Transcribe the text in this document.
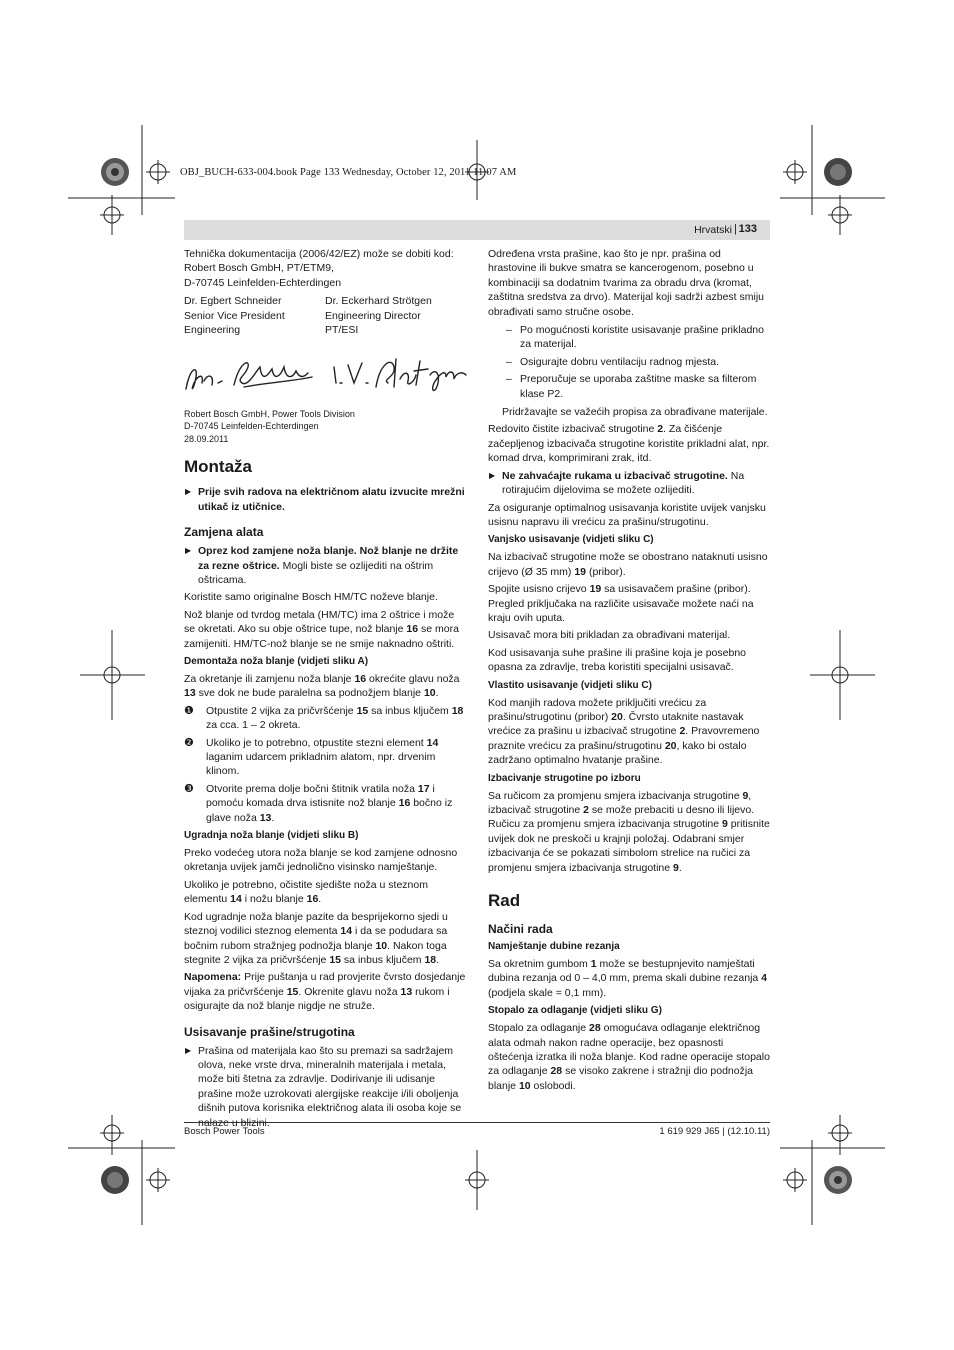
OBJ_BUCH-633-004.book Page 133 Wednesday, October 12, 2011 11:07 AM
Hrvatski | 133

Tehnička dokumentacija (2006/42/EZ) može se dobiti kod:
Robert Bosch GmbH, PT/ETM9,
D-70745 Leinfelden-Echterdingen

Dr. Egbert Schneider
Senior Vice President
Engineering
Dr. Eckerhard Strötgen
Engineering Director
PT/ESI

Robert Bosch GmbH, Power Tools Division
D-70745 Leinfelden-Echterdingen
28.09.2011

Montaža

▶ Prije svih radova na električnom alatu izvucite mrežni utikač iz utičnice.

Zamjena alata

▶ Oprez kod zamjene noža blanje. Nož blanje ne držite za rezne oštrice. Mogli biste se ozlijediti na oštrim oštricama.

Koristite samo originalne Bosch HM/TC noževe blanje.

Nož blanje od tvrdog metala (HM/TC) ima 2 oštrice i može se okretati. Ako su obje oštrice tupe, nož blanje 16 se mora zamijeniti. HM/TC-nož blanje se ne smije naknadno oštriti.

Demontaža noža blanje (vidjeti sliku A)

Za okretanje ili zamjenu noža blanje 16 okrećite glavu noža 13 sve dok ne bude paralelna sa podnožjem blanje 10.

❶ Otpustite 2 vijka za pričvršćenje 15 sa inbus ključem 18 za cca. 1 – 2 okreta.

❷ Ukoliko je to potrebno, otpustite stezni element 14 laganim udarcem prikladnim alatom, npr. drvenim klinom.

❸ Otvorite prema dolje bočni štitnik vratila noža 17 i pomoću komada drva istisnite nož blanje 16 bočno iz glave noža 13.

Ugradnja noža blanje (vidjeti sliku B)

Preko vodećeg utora noža blanje se kod zamjene odnosno okretanja uvijek jamči jednolično visinsko namještanje.

Ukoliko je potrebno, očistite sjedište noža u steznom elementu 14 i nožu blanje 16.

Kod ugradnje noža blanje pazite da besprijekorno sjedi u steznoj vodilici steznog elementa 14 i da se podudara sa bočnim rubom stražnjeg podnožja blanje 10. Nakon toga stegnite 2 vijka za pričvršćenje 15 sa inbus ključem 18.

Napomena: Prije puštanja u rad provjerite čvrsto dosjedanje vijaka za pričvršćenje 15. Okrenite glavu noža 13 rukom i osigurajte da nož blanje nigdje ne struže.

Usisavanje prašine/strugotina

▶ Prašina od materijala kao što su premazi sa sadržajem olova, neke vrste drva, mineralnih materijala i metala, može biti štetna za zdravlje. Dodirivanje ili udisanje prašine može uzrokovati alergijske reakcije i/ili oboljenja dišnih putova korisnika električnog alata ili osoba koje se

Određena vrsta prašine, kao što je npr. prašina od hrastovine ili bukve smatra se kancerogenom, posebno u kombinaciji sa dodatnim tvarima za obradu drva (kromat, zaštitna sredstva za drvo). Materijal koji sadrži azbest smiju obrađivati samo stručne osobe.

– Po mogućnosti koristite usisavanje prašine prikladno za materijal.

– Osigurajte dobru ventilaciju radnog mjesta.

– Preporučuje se uporaba zaštitne maske sa filterom klase P2.

Pridržavajte se važećih propisa za obrađivane materijale.

Redovito čistite izbacivač strugotine 2. Za čišćenje začepljenog izbacivača strugotine koristite prikladni alat, npr. komad drva, komprimirani zrak, itd.

▶ Ne zahvaćajte rukama u izbacivač strugotine. Na rotirajućim dijelovima se možete ozlijediti.

Za osiguranje optimalnog usisavanja koristite uvijek vanjsku usisnu napravu ili vrećicu za prašinu/strugotinu.

Vanjsko usisavanje (vidjeti sliku C)

Na izbacivač strugotine može se obostrano nataknuti usisno crijevo (Ø 35 mm) 19 (pribor).

Spojite usisno crijevo 19 sa usisavačem prašine (pribor). Pregled priključaka na različite usisavače možete naći na kraju ovih uputa.

Usisavač mora biti prikladan za obrađivani materijal.

Kod usisavanja suhe prašine ili prašine koja je posebno opasna za zdravlje, treba koristiti specijalni usisavač.

Vlastito usisavanje (vidjeti sliku C)

Kod manjih radova možete priključiti vrećicu za prašinu/strugotinu (pribor) 20. Čvrsto utaknite nastavak vrećice za prašinu u izbacivač strugotine 2. Pravovremeno praznite vrećicu za prašinu/strugotinu 20, kako bi ostalo zadržano optimalno hvatanje prašine.

Izbacivanje strugotine po izboru

Sa ručicom za promjenu smjera izbacivanja strugotine 9, izbacivač strugotine 2 se može prebaciti u desno ili lijevo. Ručicu za promjenu smjera izbacivanja strugotine 9 pritisnite uvijek dok ne preskoči u krajnji položaj. Odabrani smjer izbacivanja će se pokazati simbolom strelice na ručici za promjenu smjera izbacivanja strugotine 9.

Rad
Načini rada
Namještanje dubine rezanja

Sa okretnim gumbom 1 može se bestupnjevito namještati dubina rezanja od 0 – 4,0 mm, prema skali dubine rezanja 4 (podjela skale = 0,1 mm).

Stopalo za odlaganje (vidjeti sliku G)

Stopalo za odlaganje 28 omogućava odlaganje električnog alata odmah nakon radne operacije, bez opasnosti oštećenja izratka ili noža blanje. Kod radne operacije stopalo za odlaganje 28 se visoko zakrene i stražnji dio podnožja blanje 10 oslobodi.

Bosch Power Tools	1 619 929 J65 | (12.10.11)
